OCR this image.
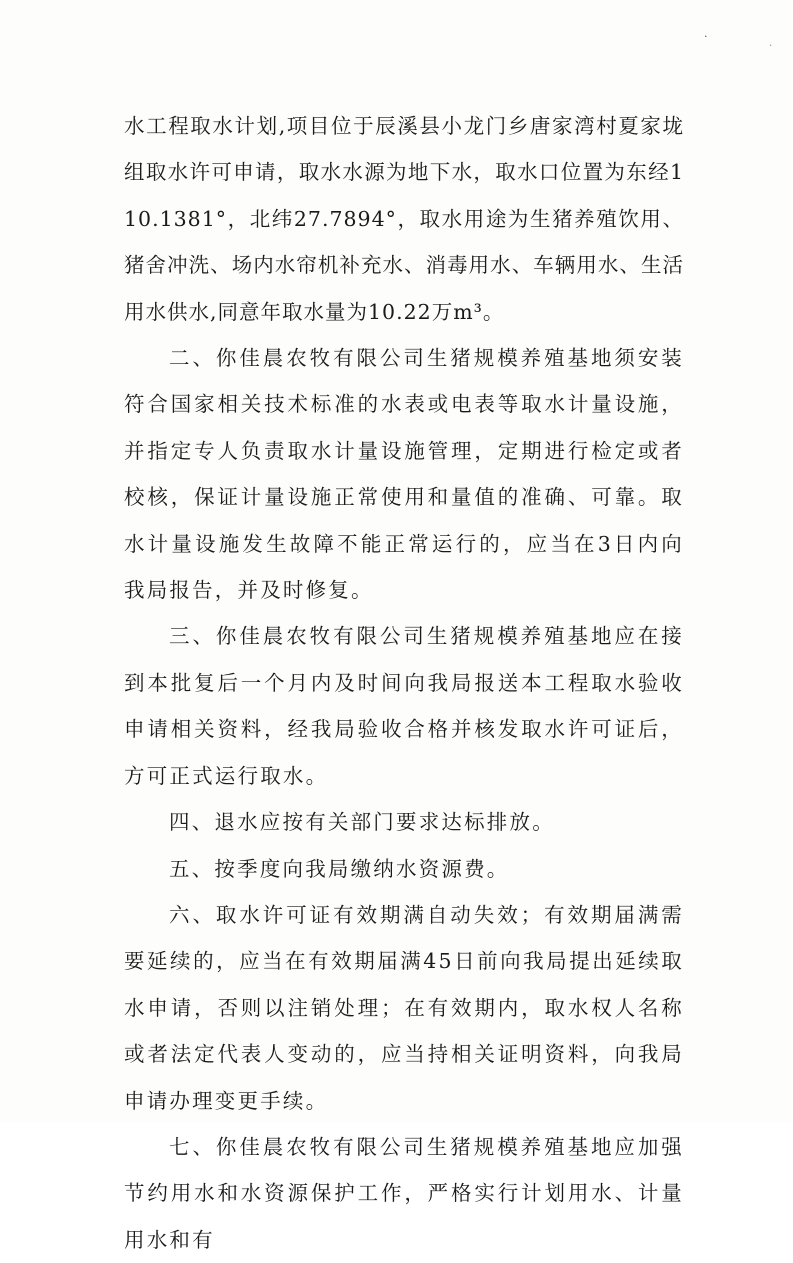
·
·

水工程取水计划,项目位于辰溪县小龙门乡唐家湾村夏家垅组取水许可申请，取水水源为地下水，取水口位置为东经110.1381°，北纬27.7894°，取水用途为生猪养殖饮用、猪舍冲洗、场内水帘机补充水、消毒用水、车辆用水、生活用水供水,同意年取水量为10.22万m³。

二、你佳晨农牧有限公司生猪规模养殖基地须安装符合国家相关技术标准的水表或电表等取水计量设施，并指定专人负责取水计量设施管理，定期进行检定或者校核，保证计量设施正常使用和量值的准确、可靠。取水计量设施发生故障不能正常运行的，应当在3日内向我局报告，并及时修复。

三、你佳晨农牧有限公司生猪规模养殖基地应在接到本批复后一个月内及时间向我局报送本工程取水验收申请相关资料，经我局验收合格并核发取水许可证后，方可正式运行取水。

四、退水应按有关部门要求达标排放。

五、按季度向我局缴纳水资源费。

六、取水许可证有效期满自动失效；有效期届满需要延续的，应当在有效期届满45日前向我局提出延续取水申请，否则以注销处理；在有效期内，取水权人名称或者法定代表人变动的，应当持相关证明资料，向我局申请办理变更手续。

七、你佳晨农牧有限公司生猪规模养殖基地应加强节约用水和水资源保护工作，严格实行计划用水、计量用水和有
